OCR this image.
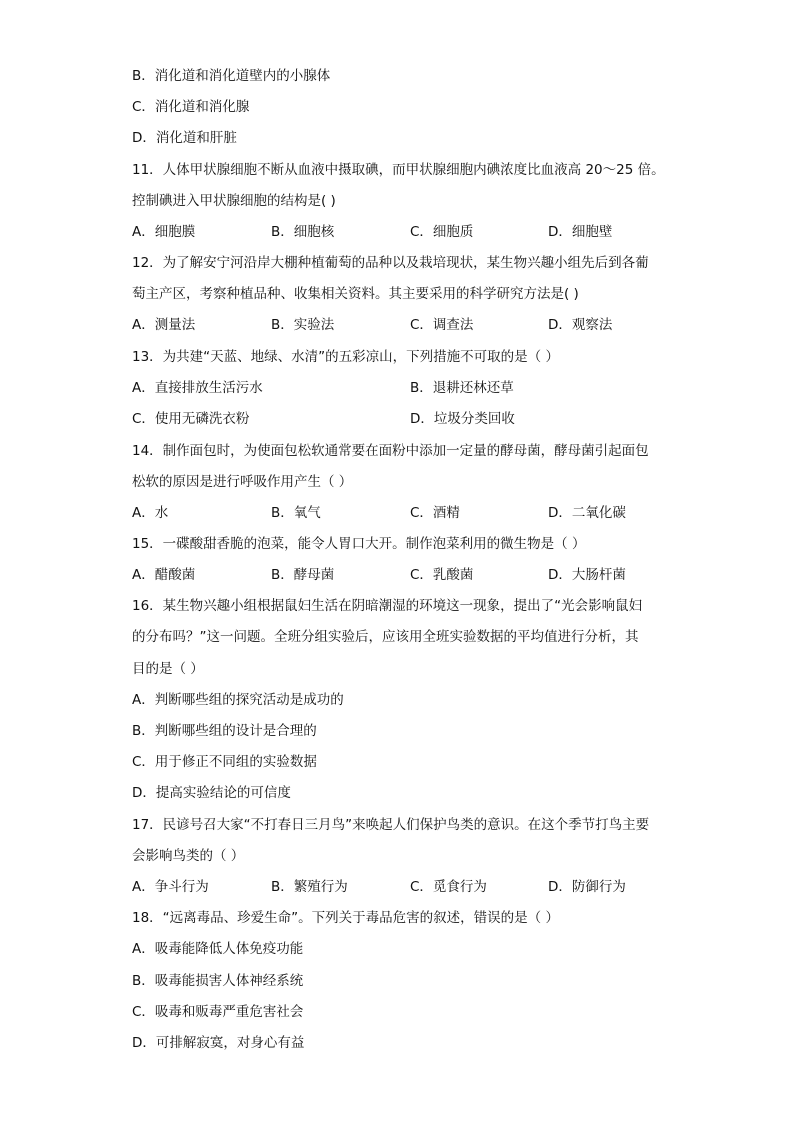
B．消化道和消化道壁内的小腺体
C．消化道和消化腺
D．消化道和肝脏
11．人体甲状腺细胞不断从血液中摄取碘，而甲状腺细胞内碘浓度比血液高 20～25 倍。
控制碘进入甲状腺细胞的结构是( )
A．细胞膜	B．细胞核	C．细胞质	D．细胞壁
12．为了解安宁河沿岸大棚种植葡萄的品种以及栽培现状，某生物兴趣小组先后到各葡
萄主产区，考察种植品种、收集相关资料。其主要采用的科学研究方法是( )
A．测量法	B．实验法	C．调查法	D．观察法
13．为共建“天蓝、地绿、水清”的五彩凉山，下列措施不可取的是（ ）
A．直接排放生活污水	B．退耕还林还草
C．使用无磷洗衣粉	D．垃圾分类回收
14．制作面包时，为使面包松软通常要在面粉中添加一定量的酵母菌，酵母菌引起面包
松软的原因是进行呼吸作用产生（ ）
A．水	B．氧气	C．酒精	D．二氧化碳
15．一碟酸甜香脆的泡菜，能令人胃口大开。制作泡菜利用的微生物是（ ）
A．醋酸菌	B．酵母菌	C．乳酸菌	D．大肠杆菌
16．某生物兴趣小组根据鼠妇生活在阴暗潮湿的环境这一现象，提出了“光会影响鼠妇
的分布吗？”这一问题。全班分组实验后，应该用全班实验数据的平均值进行分析，其
目的是（ ）
A．判断哪些组的探究活动是成功的
B．判断哪些组的设计是合理的
C．用于修正不同组的实验数据
D．提高实验结论的可信度
17．民谚号召大家“不打春日三月鸟”来唤起人们保护鸟类的意识。在这个季节打鸟主要
会影响鸟类的（ ）
A．争斗行为	B．繁殖行为	C．觅食行为	D．防御行为
18．“远离毒品、珍爱生命”。下列关于毒品危害的叙述，错误的是（ ）
A．吸毒能降低人体免疫功能
B．吸毒能损害人体神经系统
C．吸毒和贩毒严重危害社会
D．可排解寂寞，对身心有益
